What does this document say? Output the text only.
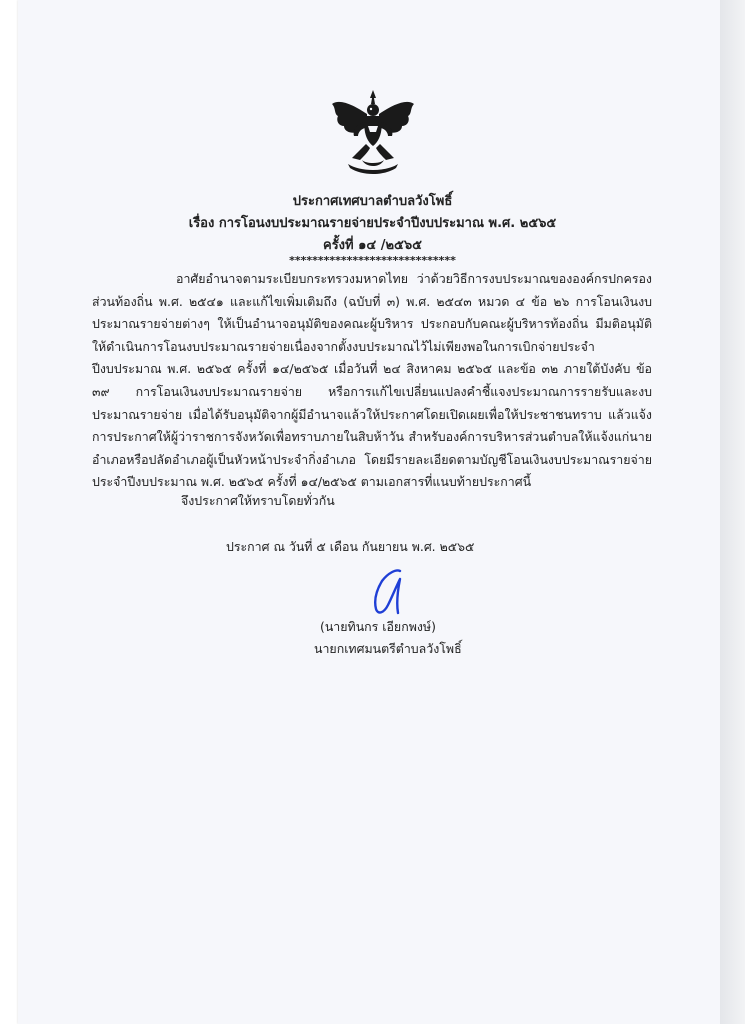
ประกาศเทศบาลตำบลวังโพธิ์
เรื่อง การโอนงบประมาณรายจ่ายประจำปีงบประมาณ พ.ศ. ๒๕๖๕
ครั้งที่ ๑๔ /๒๕๖๕
*****************************

อาศัยอำนาจตามระเบียบกระทรวงมหาดไทย ว่าด้วยวิธีการงบประมาณขององค์กรปกครองส่วนท้องถิ่น พ.ศ. ๒๕๔๑ และแก้ไขเพิ่มเติมถึง (ฉบับที่ ๓) พ.ศ. ๒๕๔๓ หมวด ๔ ข้อ ๒๖ การโอนเงินงบประมาณรายจ่ายต่างๆ ให้เป็นอำนาจอนุมัติของคณะผู้บริหาร ประกอบกับคณะผู้บริหารท้องถิ่น มีมติอนุมัติให้ดำเนินการโอนงบประมาณรายจ่ายเนื่องจากตั้งงบประมาณไว้ไม่เพียงพอในการเบิกจ่ายประจำปีงบประมาณ พ.ศ. ๒๕๖๕ ครั้งที่ ๑๔/๒๕๖๕ เมื่อวันที่ ๒๔ สิงหาคม ๒๕๖๕ และข้อ ๓๒ ภายใต้บังคับ ข้อ ๓๙ การโอนเงินงบประมาณรายจ่าย หรือการแก้ไขเปลี่ยนแปลงคำชี้แจงประมาณการรายรับและงบประมาณรายจ่าย เมื่อได้รับอนุมัติจากผู้มีอำนาจแล้วให้ประกาศโดยเปิดเผยเพื่อให้ประชาชนทราบ แล้วแจ้งการประกาศให้ผู้ว่าราชการจังหวัดเพื่อทราบภายในสิบห้าวัน สำหรับองค์การบริหารส่วนตำบลให้แจ้งแก่นายอำเภอหรือปลัดอำเภอผู้เป็นหัวหน้าประจำกิ่งอำเภอ โดยมีรายละเอียดตามบัญชีโอนเงินงบประมาณรายจ่าย ประจำปีงบประมาณ พ.ศ. ๒๕๖๕ ครั้งที่ ๑๔/๒๕๖๕ ตามเอกสารที่แนบท้ายประกาศนี้

จึงประกาศให้ทราบโดยทั่วกัน
ประกาศ ณ วันที่ ๕ เดือน กันยายน พ.ศ. ๒๕๖๕
(นายทินกร เอียกพงษ์)
นายกเทศมนตรีตำบลวังโพธิ์
